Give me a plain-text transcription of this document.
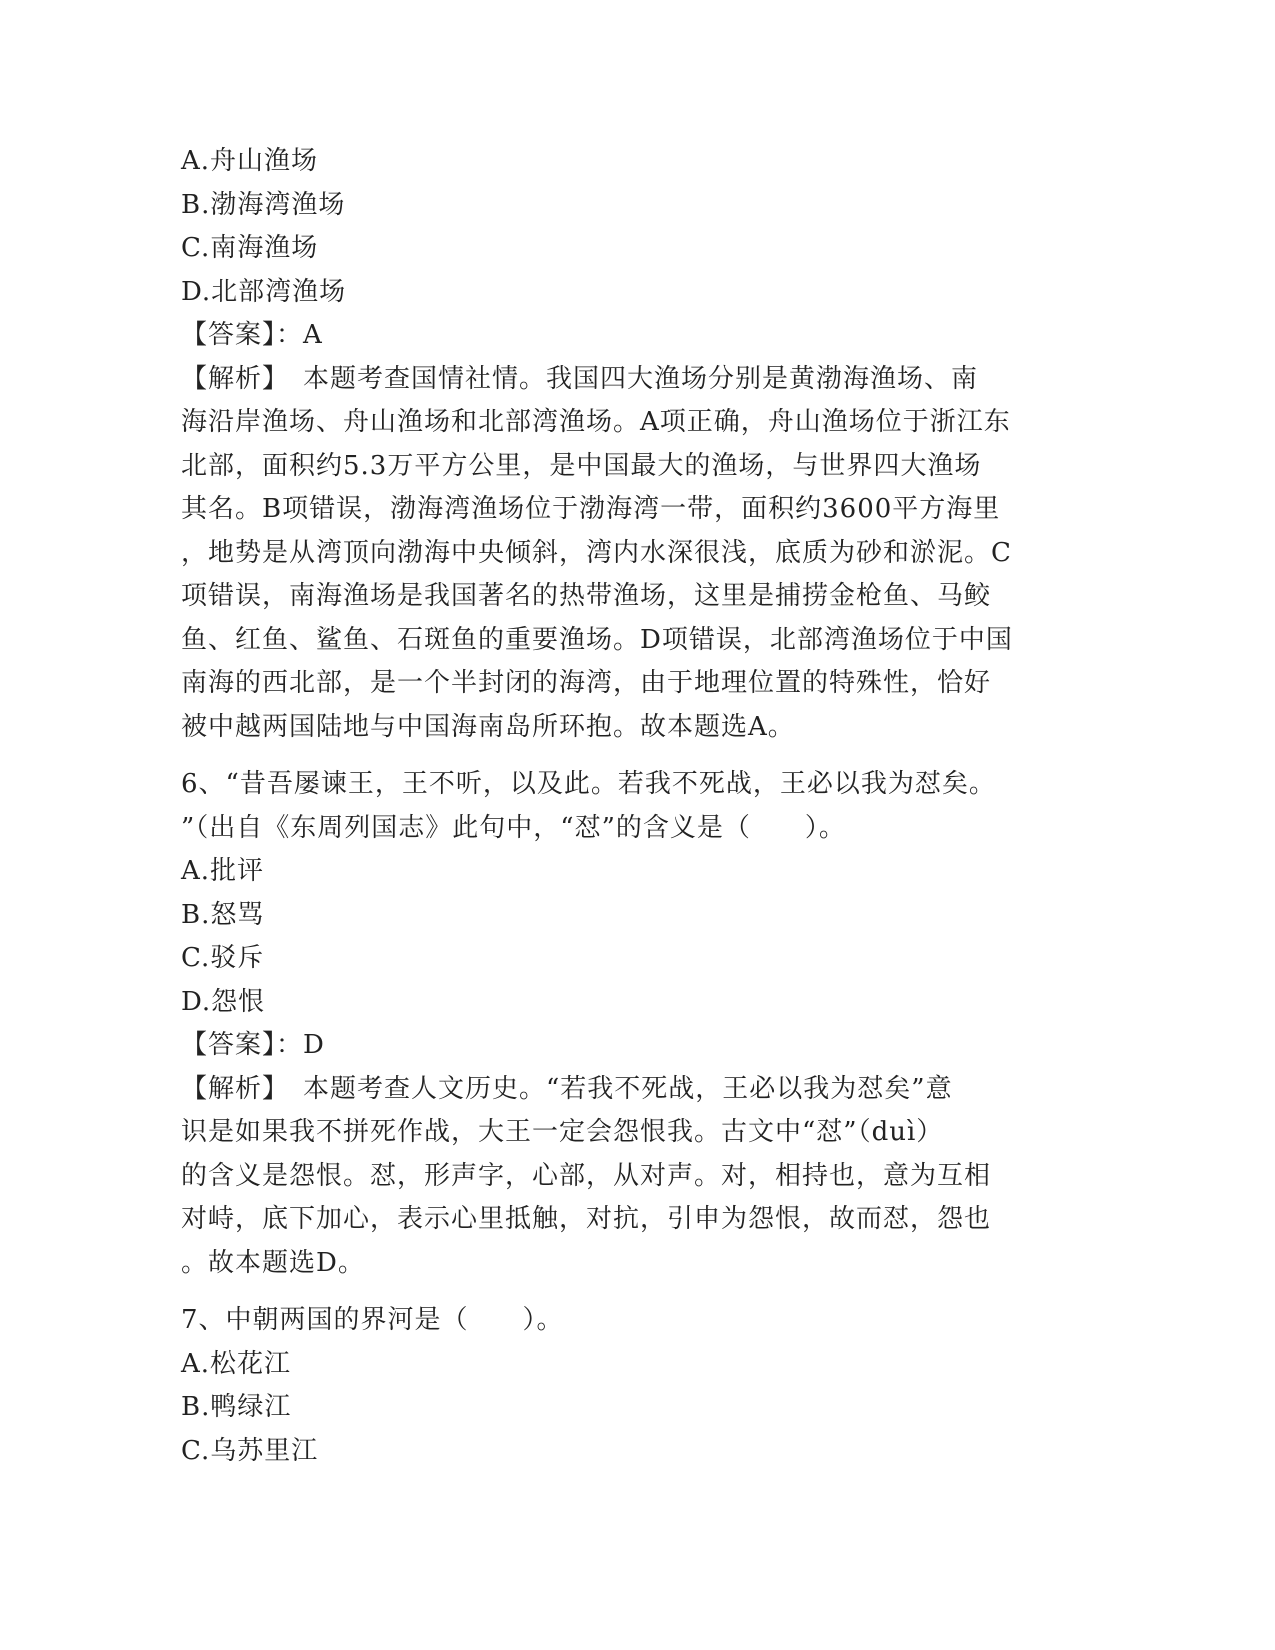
A.舟山渔场
B.渤海湾渔场
C.南海渔场
D.北部湾渔场
【答案】：A
【解析】　本题考查国情社情。我国四大渔场分别是黄渤海渔场、南
海沿岸渔场、舟山渔场和北部湾渔场。A项正确，舟山渔场位于浙江东
北部，面积约5.3万平方公里，是中国最大的渔场，与世界四大渔场
其名。B项错误，渤海湾渔场位于渤海湾一带，面积约3600平方海里
，地势是从湾顶向渤海中央倾斜，湾内水深很浅，底质为砂和淤泥。C
项错误，南海渔场是我国著名的热带渔场，这里是捕捞金枪鱼、马鲛
鱼、红鱼、鲨鱼、石斑鱼的重要渔场。D项错误，北部湾渔场位于中国
南海的西北部，是一个半封闭的海湾，由于地理位置的特殊性，恰好
被中越两国陆地与中国海南岛所环抱。故本题选A。
6、“昔吾屡谏王，王不听，以及此。若我不死战，王必以我为怼矣。
”（出自《东周列国志》此句中，“怼”的含义是（　　）。
A.批评
B.怒骂
C.驳斥
D.怨恨
【答案】：D
【解析】　本题考查人文历史。“若我不死战，王必以我为怼矣”意
识是如果我不拼死作战，大王一定会怨恨我。古文中“怼”（duì）
的含义是怨恨。怼，形声字，心部，从对声。对，相持也，意为互相
对峙，底下加心，表示心里抵触，对抗，引申为怨恨，故而怼，怨也
。故本题选D。
7、中朝两国的界河是（　　）。
A.松花江
B.鸭绿江
C.乌苏里江
